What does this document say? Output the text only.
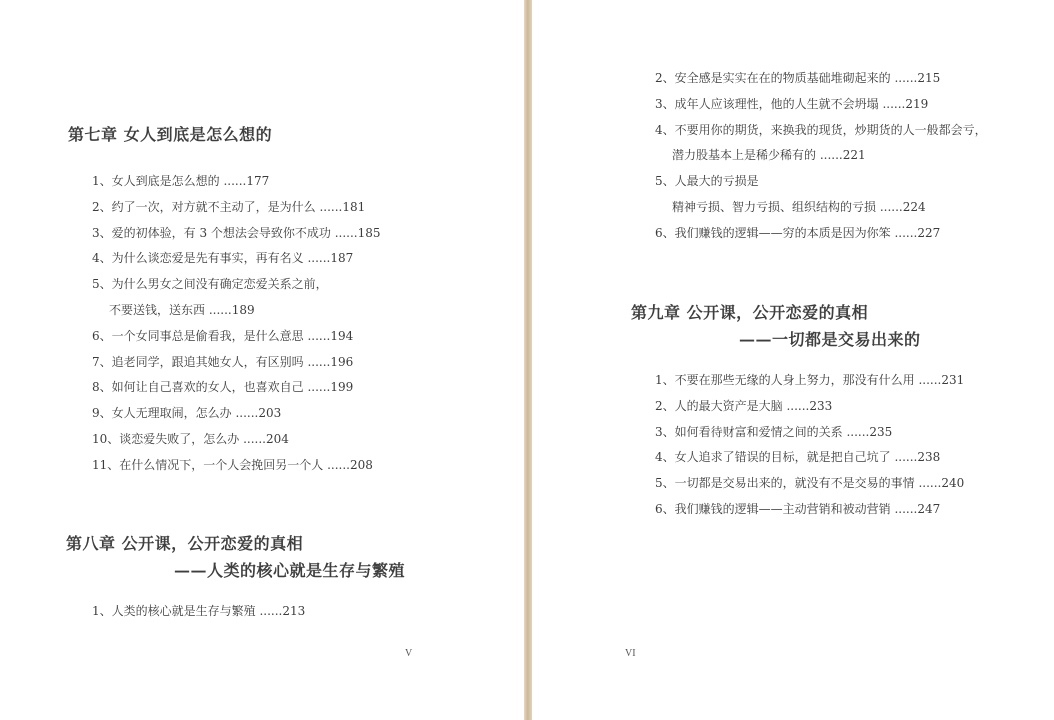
第七章 女人到底是怎么想的
1、女人到底是怎么想的 ......177
2、约了一次，对方就不主动了，是为什么 ......181
3、爱的初体验，有 3 个想法会导致你不成功 ......185
4、为什么谈恋爱是先有事实，再有名义 ......187
5、为什么男女之间没有确定恋爱关系之前，
不要送钱，送东西 ......189
6、一个女同事总是偷看我，是什么意思 ......194
7、追老同学，跟追其她女人，有区别吗 ......196
8、如何让自己喜欢的女人，也喜欢自己 ......199
9、女人无理取闹，怎么办 ......203
10、谈恋爱失败了，怎么办 ......204
11、在什么情况下，一个人会挽回另一个人 ......208
第八章 公开课，公开恋爱的真相
——人类的核心就是生存与繁殖
1、人类的核心就是生存与繁殖 ......213
V
2、安全感是实实在在的物质基础堆砌起来的 ......215
3、成年人应该理性，他的人生就不会坍塌 ......219
4、不要用你的期货，来换我的现货，炒期货的人一般都会亏，
潜力股基本上是稀少稀有的 ......221
5、人最大的亏损是
精神亏损、智力亏损、组织结构的亏损 ......224
6、我们赚钱的逻辑——穷的本质是因为你笨 ......227
第九章 公开课，公开恋爱的真相
——一切都是交易出来的
1、不要在那些无缘的人身上努力，那没有什么用 ......231
2、人的最大资产是大脑 ......233
3、如何看待财富和爱情之间的关系 ......235
4、女人追求了错误的目标，就是把自己坑了 ......238
5、一切都是交易出来的，就没有不是交易的事情 ......240
6、我们赚钱的逻辑——主动营销和被动营销 ......247
VI
